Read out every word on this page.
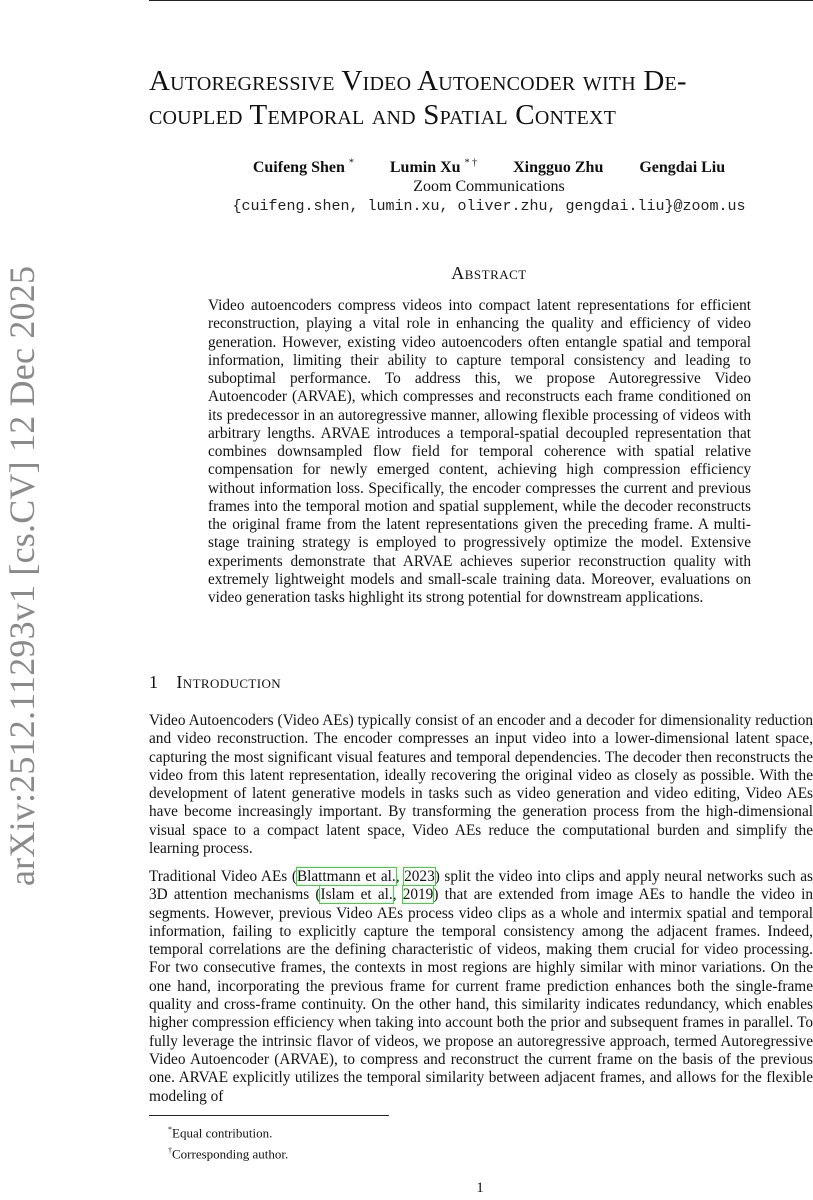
arXiv:2512.11293v1 [cs.CV] 12 Dec 2025
Autoregressive Video Autoencoder with De-
coupled Temporal and Spatial Context
Cuifeng Shen * Lumin Xu * † Xingguo Zhu Gengdai Liu
Zoom Communications
{cuifeng.shen, lumin.xu, oliver.zhu, gengdai.liu}@zoom.us
Abstract
Video autoencoders compress videos into compact latent representations for efficient reconstruction, playing a vital role in enhancing the quality and efficiency of video generation. However, existing video autoencoders often entangle spatial and temporal information, limiting their ability to capture temporal consistency and leading to suboptimal performance. To address this, we propose Autoregressive Video Autoencoder (ARVAE), which compresses and reconstructs each frame conditioned on its predecessor in an autoregressive manner, allowing flexible processing of videos with arbitrary lengths. ARVAE introduces a temporal-spatial decoupled representation that combines downsampled flow field for temporal coherence with spatial relative compensation for newly emerged content, achieving high compression efficiency without information loss. Specifically, the encoder compresses the current and previous frames into the temporal motion and spatial supplement, while the decoder reconstructs the original frame from the latent representations given the preceding frame. A multi-stage training strategy is employed to progressively optimize the model. Extensive experiments demonstrate that ARVAE achieves superior reconstruction quality with extremely lightweight models and small-scale training data. Moreover, evaluations on video generation tasks highlight its strong potential for downstream applications.
1 Introduction
Video Autoencoders (Video AEs) typically consist of an encoder and a decoder for dimensionality reduction and video reconstruction. The encoder compresses an input video into a lower-dimensional latent space, capturing the most significant visual features and temporal dependencies. The decoder then reconstructs the video from this latent representation, ideally recovering the original video as closely as possible. With the development of latent generative models in tasks such as video generation and video editing, Video AEs have become increasingly important. By transforming the generation process from the high-dimensional visual space to a compact latent space, Video AEs reduce the computational burden and simplify the learning process.
Traditional Video AEs (Blattmann et al., 2023) split the video into clips and apply neural networks such as 3D attention mechanisms (Islam et al., 2019) that are extended from image AEs to handle the video in segments. However, previous Video AEs process video clips as a whole and intermix spatial and temporal information, failing to explicitly capture the temporal consistency among the adjacent frames. Indeed, temporal correlations are the defining characteristic of videos, making them crucial for video processing. For two consecutive frames, the contexts in most regions are highly similar with minor variations. On the one hand, incorporating the previous frame for current frame prediction enhances both the single-frame quality and cross-frame continuity. On the other hand, this similarity indicates redundancy, which enables higher compression efficiency when taking into account both the prior and subsequent frames in parallel. To fully leverage the intrinsic flavor of videos, we propose an autoregressive approach, termed Autoregressive Video Autoencoder (ARVAE), to compress and reconstruct the current frame on the basis of the previous one. ARVAE explicitly utilizes the temporal similarity between adjacent frames, and allows for the flexible modeling of
*Equal contribution.
†Corresponding author.
1
